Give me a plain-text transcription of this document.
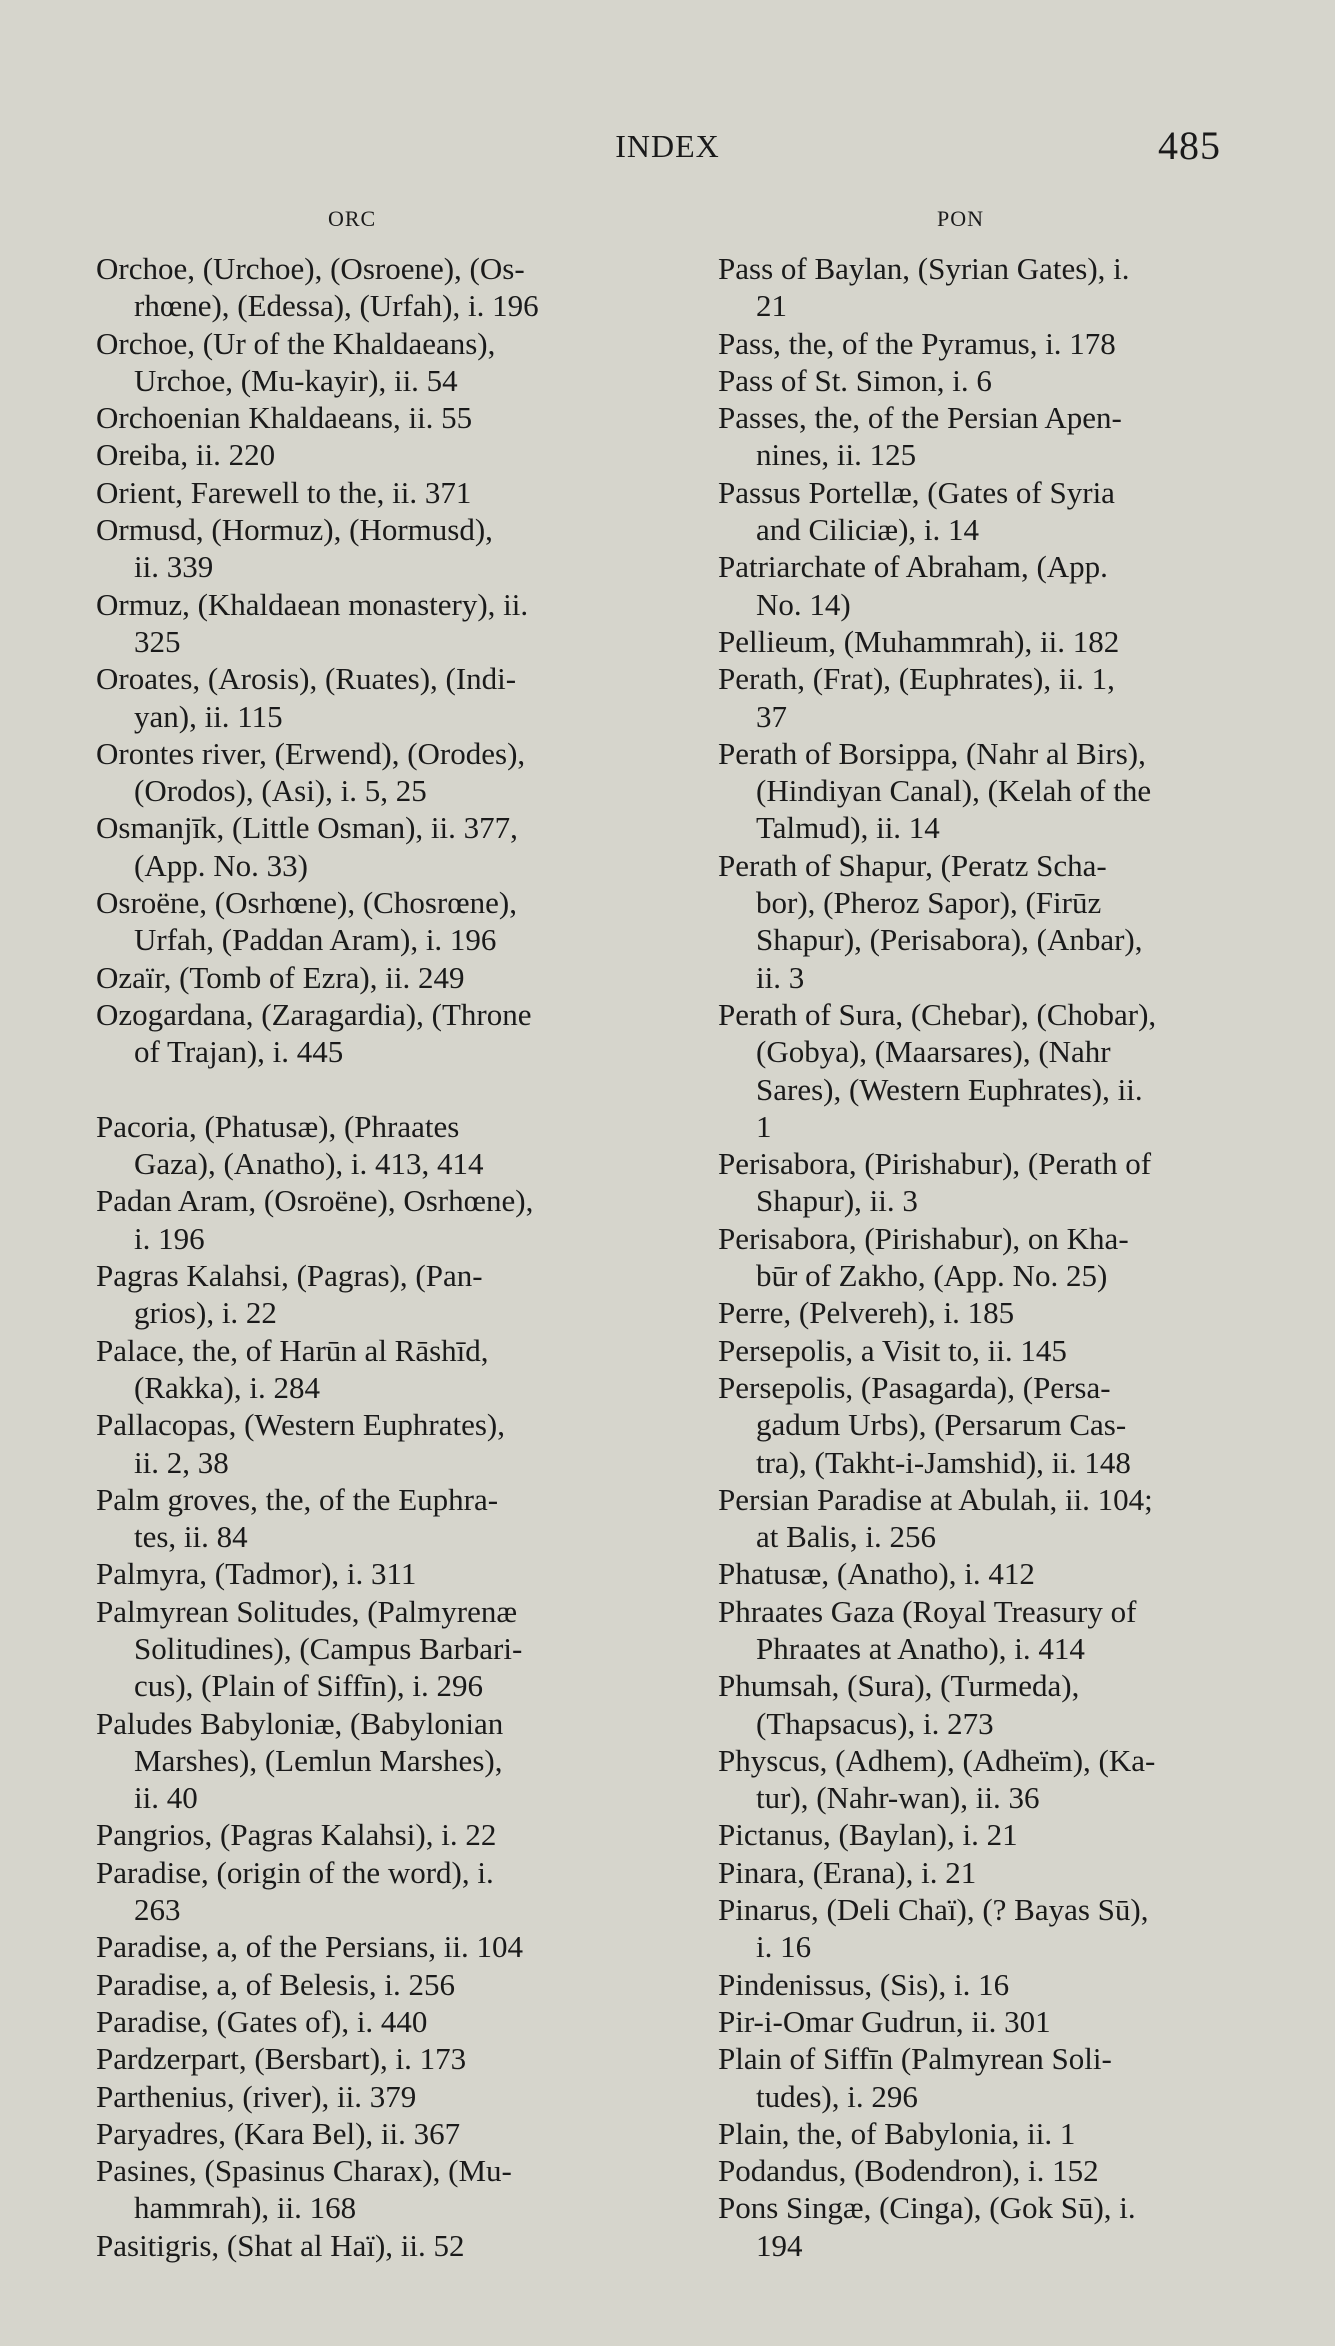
INDEX	485
ORC	PON
Orchoe, (Urchoe), (Osroene), (Os-
rhœne), (Edessa), (Urfah), i. 196
Orchoe, (Ur of the Khaldaeans),
Urchoe, (Mu-kayir), ii. 54
Orchoenian Khaldaeans, ii. 55
Oreiba, ii. 220
Orient, Farewell to the, ii. 371
Ormusd, (Hormuz), (Hormusd),
ii. 339
Ormuz, (Khaldaean monastery), ii.
325
Oroates, (Arosis), (Ruates), (Indi-
yan), ii. 115
Orontes river, (Erwend), (Orodes),
(Orodos), (Asi), i. 5, 25
Osmanjīk, (Little Osman), ii. 377,
(App. No. 33)
Osroëne, (Osrhœne), (Chosrœne),
Urfah, (Paddan Aram), i. 196
Ozaïr, (Tomb of Ezra), ii. 249
Ozogardana, (Zaragardia), (Throne
of Trajan), i. 445
Pacoria, (Phatusæ), (Phraates
Gaza), (Anatho), i. 413, 414
Padan Aram, (Osroëne), Osrhœne),
i. 196
Pagras Kalahsi, (Pagras), (Pan-
grios), i. 22
Palace, the, of Harūn al Rāshīd,
(Rakka), i. 284
Pallacopas, (Western Euphrates),
ii. 2, 38
Palm groves, the, of the Euphra-
tes, ii. 84
Palmyra, (Tadmor), i. 311
Palmyrean Solitudes, (Palmyrenæ
Solitudines), (Campus Barbari-
cus), (Plain of Siffīn), i. 296
Paludes Babyloniæ, (Babylonian
Marshes), (Lemlun Marshes),
ii. 40
Pangrios, (Pagras Kalahsi), i. 22
Paradise, (origin of the word), i.
263
Paradise, a, of the Persians, ii. 104
Paradise, a, of Belesis, i. 256
Paradise, (Gates of), i. 440
Pardzerpart, (Bersbart), i. 173
Parthenius, (river), ii. 379
Paryadres, (Kara Bel), ii. 367
Pasines, (Spasinus Charax), (Mu-
hammrah), ii. 168
Pasitigris, (Shat al Haï), ii. 52
Pass of Baylan, (Syrian Gates), i.
21
Pass, the, of the Pyramus, i. 178
Pass of St. Simon, i. 6
Passes, the, of the Persian Apen-
nines, ii. 125
Passus Portellæ, (Gates of Syria
and Ciliciæ), i. 14
Patriarchate of Abraham, (App.
No. 14)
Pellieum, (Muhammrah), ii. 182
Perath, (Frat), (Euphrates), ii. 1,
37
Perath of Borsippa, (Nahr al Birs),
(Hindiyan Canal), (Kelah of the
Talmud), ii. 14
Perath of Shapur, (Peratz Scha-
bor), (Pheroz Sapor), (Firūz
Shapur), (Perisabora), (Anbar),
ii. 3
Perath of Sura, (Chebar), (Chobar),
(Gobya), (Maarsares), (Nahr
Sares), (Western Euphrates), ii.
1
Perisabora, (Pirishabur), (Perath of
Shapur), ii. 3
Perisabora, (Pirishabur), on Kha-
būr of Zakho, (App. No. 25)
Perre, (Pelvereh), i. 185
Persepolis, a Visit to, ii. 145
Persepolis, (Pasagarda), (Persa-
gadum Urbs), (Persarum Cas-
tra), (Takht-i-Jamshid), ii. 148
Persian Paradise at Abulah, ii. 104;
at Balis, i. 256
Phatusæ, (Anatho), i. 412
Phraates Gaza (Royal Treasury of
Phraates at Anatho), i. 414
Phumsah, (Sura), (Turmeda),
(Thapsacus), i. 273
Physcus, (Adhem), (Adheïm), (Ka-
tur), (Nahr-wan), ii. 36
Pictanus, (Baylan), i. 21
Pinara, (Erana), i. 21
Pinarus, (Deli Chaï), (? Bayas Sū),
i. 16
Pindenissus, (Sis), i. 16
Pir-i-Omar Gudrun, ii. 301
Plain of Siffīn (Palmyrean Soli-
tudes), i. 296
Plain, the, of Babylonia, ii. 1
Podandus, (Bodendron), i. 152
Pons Singæ, (Cinga), (Gok Sū), i.
194
